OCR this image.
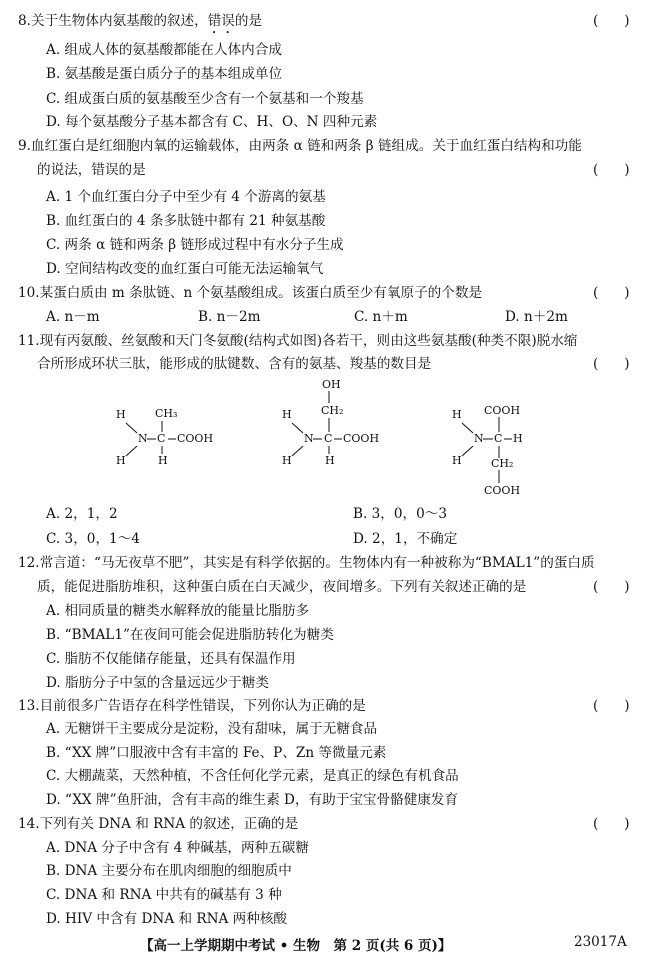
8.关于生物体内氨基酸的叙述，错误的是	(      )
A. 组成人体的氨基酸都能在人体内合成
B. 氨基酸是蛋白质分子的基本组成单位
C. 组成蛋白质的氨基酸至少含有一个氨基和一个羧基
D. 每个氨基酸分子基本都含有 C、H、O、N 四种元素
9.血红蛋白是红细胞内氧的运输载体，由两条 α 链和两条 β 链组成。关于血红蛋白结构和功能
的说法，错误的是	(      )
A. 1 个血红蛋白分子中至少有 4 个游离的氨基
B. 血红蛋白的 4 条多肽链中都有 21 种氨基酸
C. 两条 α 链和两条 β 链形成过程中有水分子生成
D. 空间结构改变的血红蛋白可能无法运输氧气
10.某蛋白质由 m 条肽链、n 个氨基酸组成。该蛋白质至少有氧原子的个数是	(      )
A. n－m	B. n－2m	C. n＋m	D. n＋2m
11.现有丙氨酸、丝氨酸和天门冬氨酸(结构式如图)各若干，则由这些氨基酸(种类不限)脱水缩
合所形成环状三肽，能形成的肽键数、含有的氨基、羧基的数目是	(      )
H
H
N C COOH
CH₃
H
OH
CH₂
H
H
N C COOH
H
H
H
N C H
COOH
CH₂
COOH
A. 2，1，2	B. 3，0，0～3
C. 3，0，1～4	D. 2，1，不确定
12.常言道：“马无夜草不肥”，其实是有科学依据的。生物体内有一种被称为“BMAL1”的蛋白质
质，能促进脂肪堆积，这种蛋白质在白天减少，夜间增多。下列有关叙述正确的是	(      )
A. 相同质量的糖类水解释放的能量比脂肪多
B. “BMAL1”在夜间可能会促进脂肪转化为糖类
C. 脂肪不仅能储存能量，还具有保温作用
D. 脂肪分子中氢的含量远远少于糖类
13.目前很多广告语存在科学性错误，下列你认为正确的是	(      )
A. 无糖饼干主要成分是淀粉，没有甜味，属于无糖食品
B. “XX 牌”口服液中含有丰富的 Fe、P、Zn 等微量元素
C. 大棚蔬菜，天然种植，不含任何化学元素，是真正的绿色有机食品
D. “XX 牌”鱼肝油，含有丰高的维生素 D，有助于宝宝骨骼健康发育
14.下列有关 DNA 和 RNA 的叙述，正确的是	(      )
A. DNA 分子中含有 4 种碱基，两种五碳糖
B. DNA 主要分布在肌肉细胞的细胞质中
C. DNA 和 RNA 中共有的碱基有 3 种
D. HIV 中含有 DNA 和 RNA 两种核酸
【高一上学期期中考试 • 生物　第 2 页(共 6 页)】	23017A
